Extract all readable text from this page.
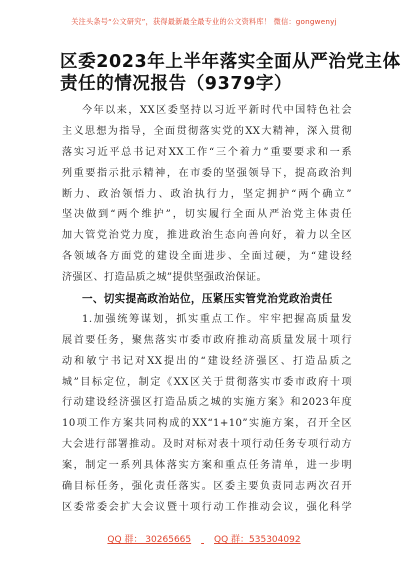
关注头条号“公文研究”，获得最新最全最专业的公文资料库！ 微信：gongwenyj
区委2023年上半年落实全面从严治党主体
责任的情况报告（9379字）
今年以来，XX区委坚持以习近平新时代中国特色社会
主义思想为指导，全面贯彻落实党的XX大精神，深入贯彻
落实习近平总书记对XX工作“三个着力”重要要求和一系
列重要指示批示精神，在市委的坚强领导下，提高政治判
断力、政治领悟力、政治执行力，坚定拥护“两个确立”
坚决做到“两个维护”，切实履行全面从严治党主体责任
加大管党治党力度，推进政治生态向善向好，着力以全区
各领域各方面党的建设全面进步、全面过硬，为“建设经
济强区、打造品质之城”提供坚强政治保证。
一、切实提高政治站位，压紧压实管党治党政治责任
1.加强统筹谋划，抓实重点工作。牢牢把握高质量发
展首要任务，聚焦落实市委市政府推动高质量发展十项行
动和敏宁书记对XX提出的“建设经济强区、打造品质之
城”目标定位，制定《XX区关于贯彻落实市委市政府十项
行动建设经济强区打造品质之城的实施方案》和2023年度
10项工作方案共同构成的XX“1+10”实施方案，召开全区
大会进行部署推动。及时对标对表十项行动任务专项行动方
案，制定一系列具体落实方案和重点任务清单，进一步明
确目标任务，强化责任落实。区委主要负责同志两次召开
区委常委会扩大会议暨十项行动工作推动会议，强化科学
QQ 群： 30265665	QQ 群：535304092
